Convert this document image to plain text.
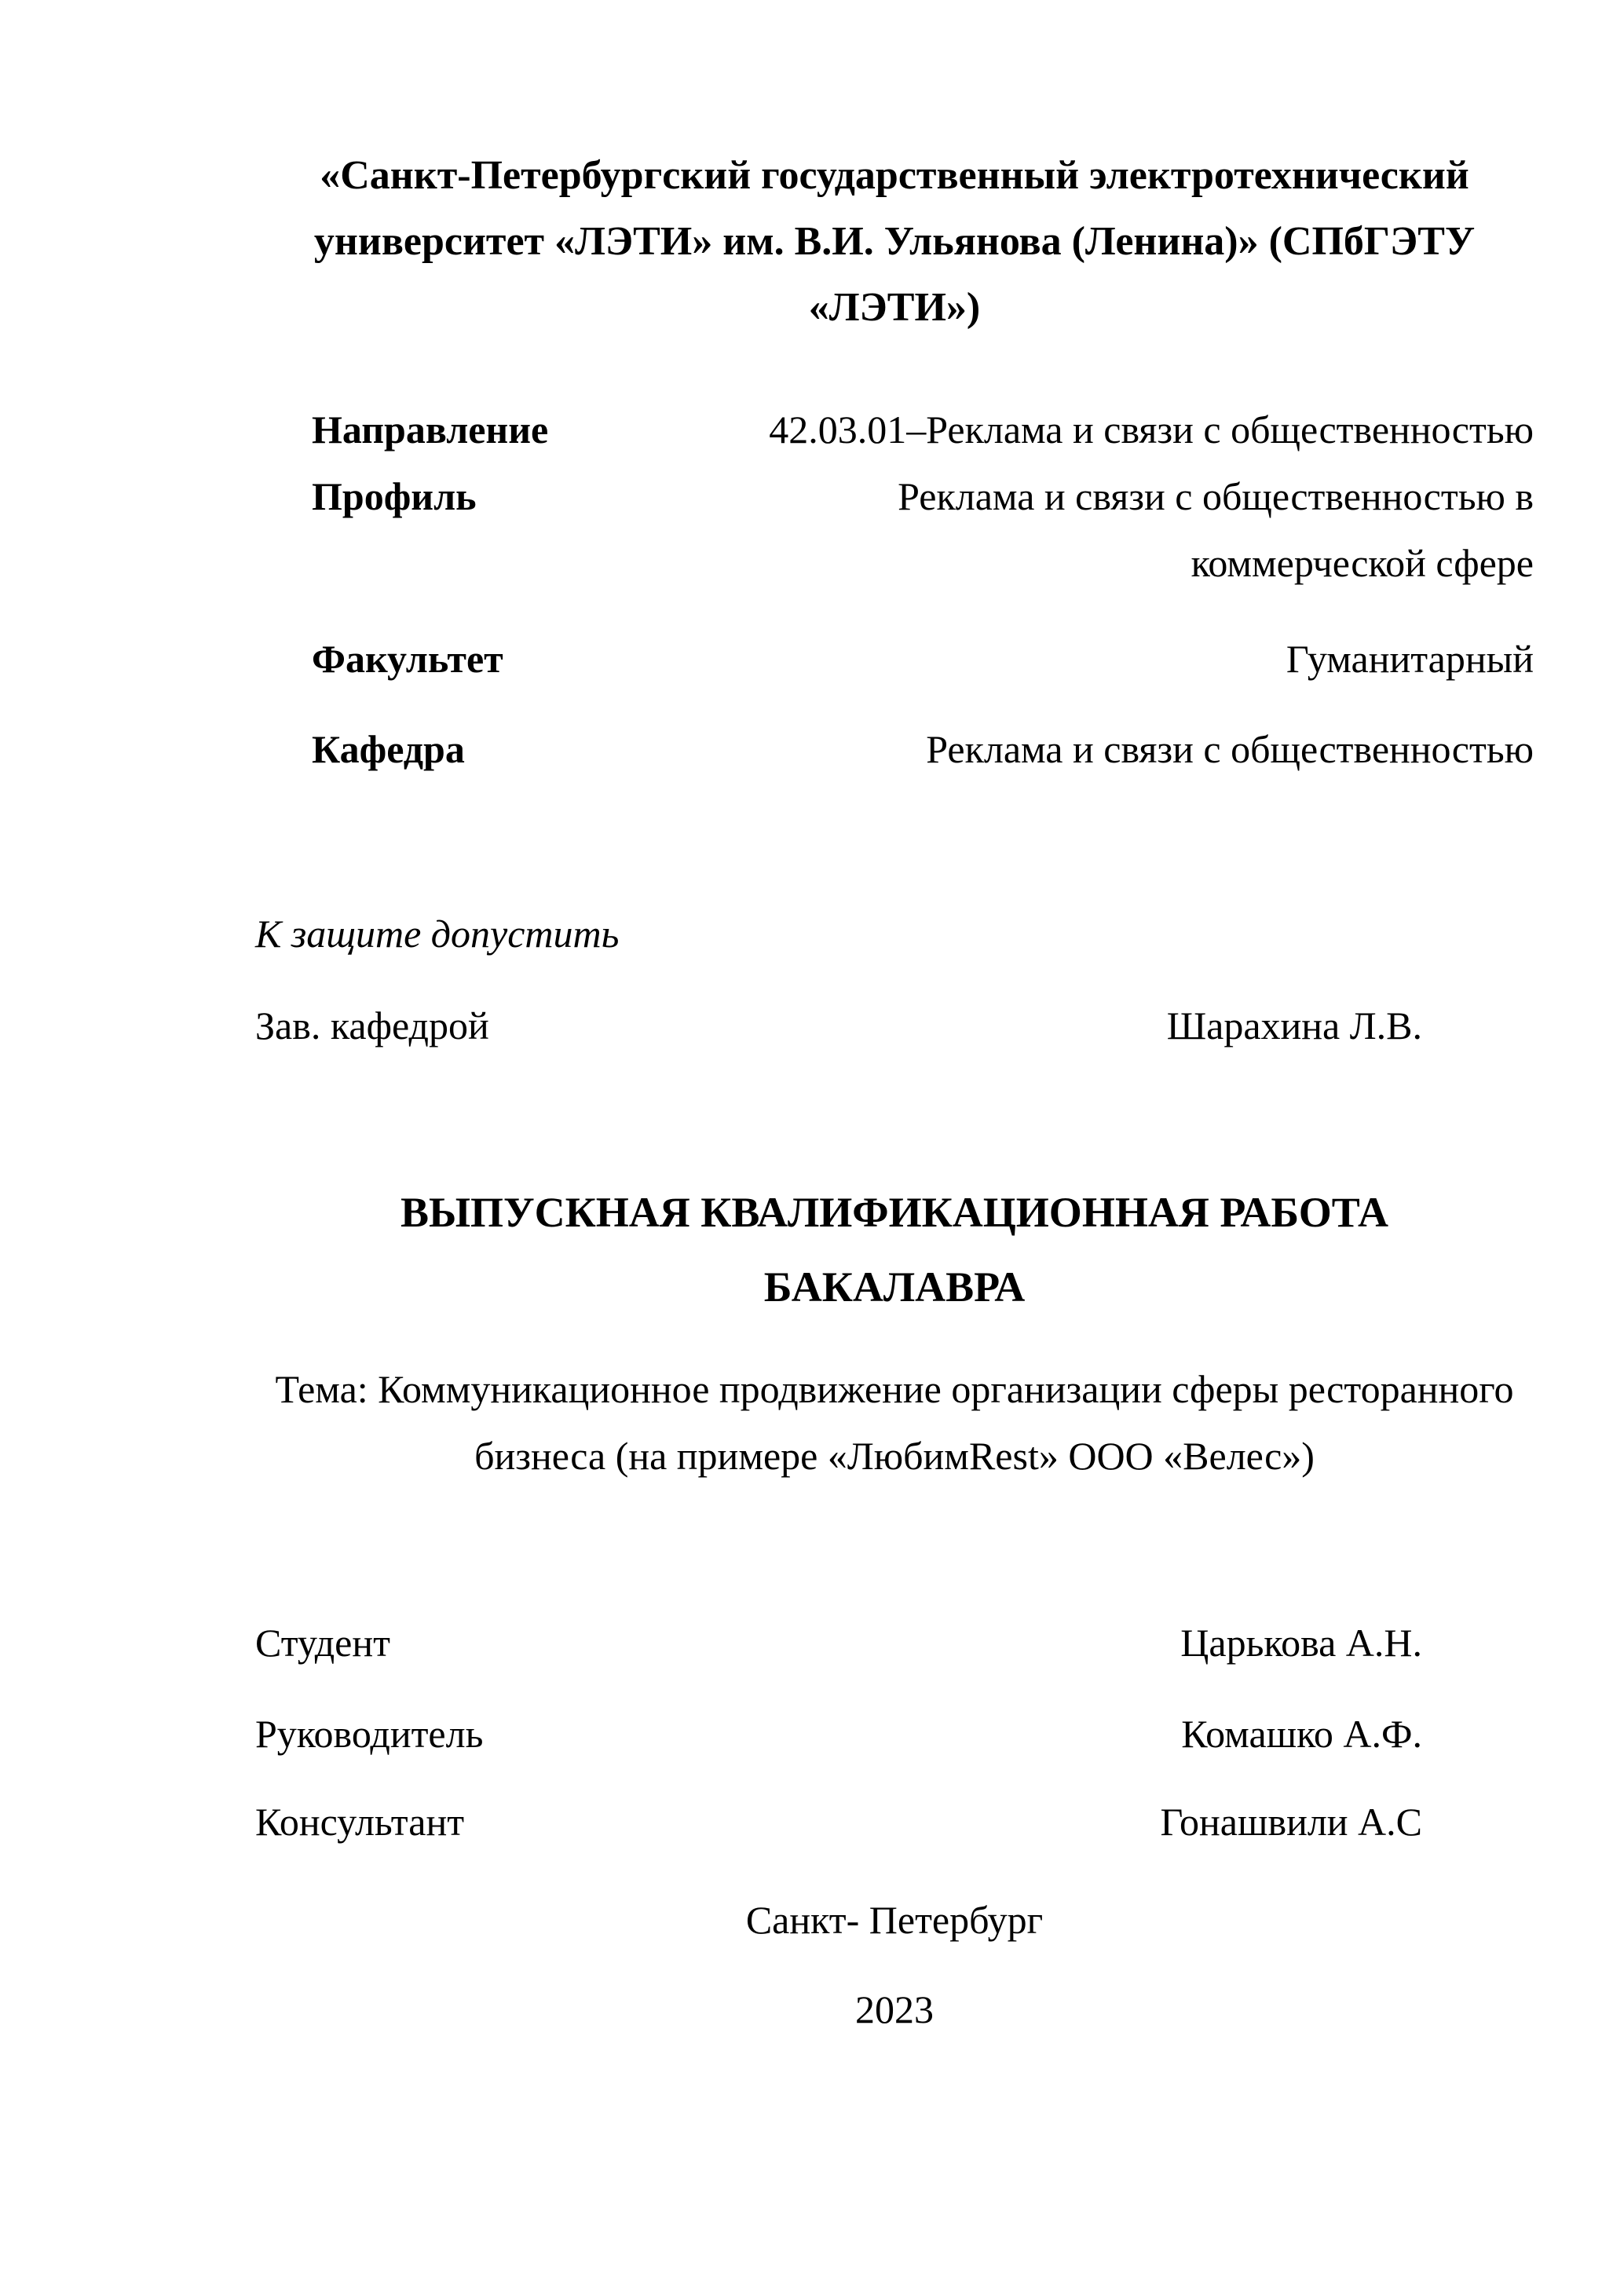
«Санкт-Петербургский государственный электротехнический
университет «ЛЭТИ» им. В.И. Ульянова (Ленина)» (СПбГЭТУ «ЛЭТИ»)
Направление	42.03.01–Реклама и связи с общественностью
Профиль	Реклама и связи с общественностью в
коммерческой сфере
Факультет	Гуманитарный
Кафедра	Реклама и связи с общественностью
К защите допустить
Зав. кафедрой	Шарахина Л.В.
ВЫПУСКНАЯ КВАЛИФИКАЦИОННАЯ РАБОТА
БАКАЛАВРА
Тема: Коммуникационное продвижение организации сферы ресторанного
бизнеса (на примере «ЛюбимRest» ООО «Велес»)
Студент	Царькова А.Н.
Руководитель	Комашко А.Ф.
Консультант	Гонашвили А.С
Санкт- Петербург
2023
